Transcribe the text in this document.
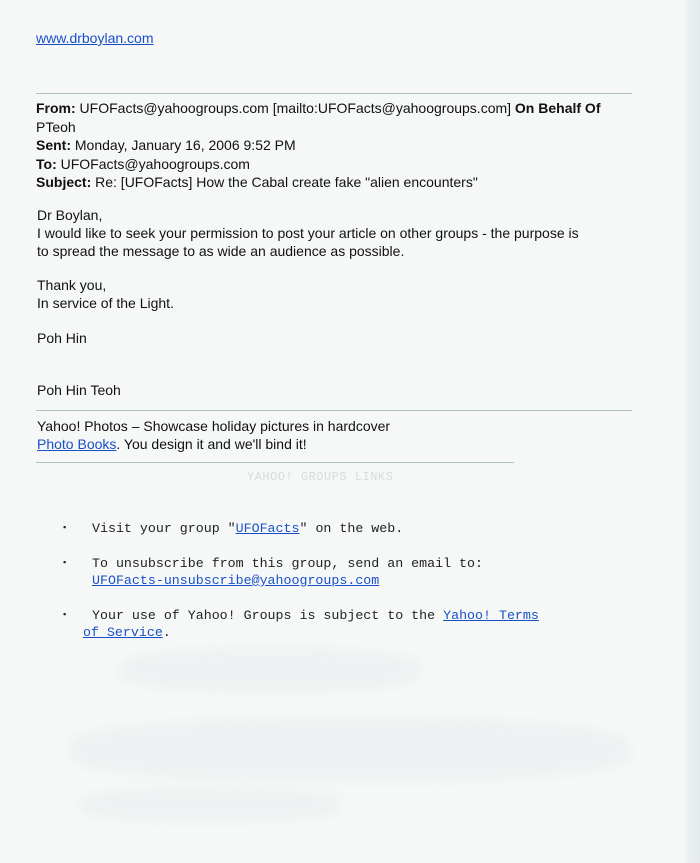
www.drboylan.com
From: UFOFacts@yahoogroups.com [mailto:UFOFacts@yahoogroups.com] On Behalf Of PTeoh
Sent: Monday, January 16, 2006 9:52 PM
To: UFOFacts@yahoogroups.com
Subject: Re: [UFOFacts] How the Cabal create fake "alien encounters"
Dr Boylan,
I would like to seek your permission to post your article on other groups - the purpose is
to spread the message to as wide an audience as possible.
Thank you,
In service of the Light.
Poh Hin
Poh Hin Teoh
Yahoo! Photos – Showcase holiday pictures in hardcover
Photo Books. You design it and we'll bind it!
YAHOO! GROUPS LINKS
▪ Visit your group "UFOFacts" on the web.
▪ To unsubscribe from this group, send an email to:
UFOFacts-unsubscribe@yahoogroups.com
▪ Your use of Yahoo! Groups is subject to the Yahoo! Terms
of Service.
